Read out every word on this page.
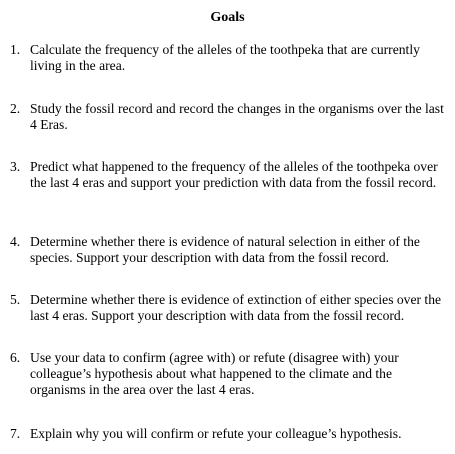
Goals
1. Calculate the frequency of the alleles of the toothpeka that are currently living in the area.
2. Study the fossil record and record the changes in the organisms over the last 4 Eras.
3. Predict what happened to the frequency of the alleles of the toothpeka over the last 4 eras and support your prediction with data from the fossil record.
4. Determine whether there is evidence of natural selection in either of the species. Support your description with data from the fossil record.
5. Determine whether there is evidence of extinction of either species over the last 4 eras. Support your description with data from the fossil record.
6. Use your data to confirm (agree with) or refute (disagree with) your colleague’s hypothesis about what happened to the climate and the organisms in the area over the last 4 eras.
7. Explain why you will confirm or refute your colleague’s hypothesis.
